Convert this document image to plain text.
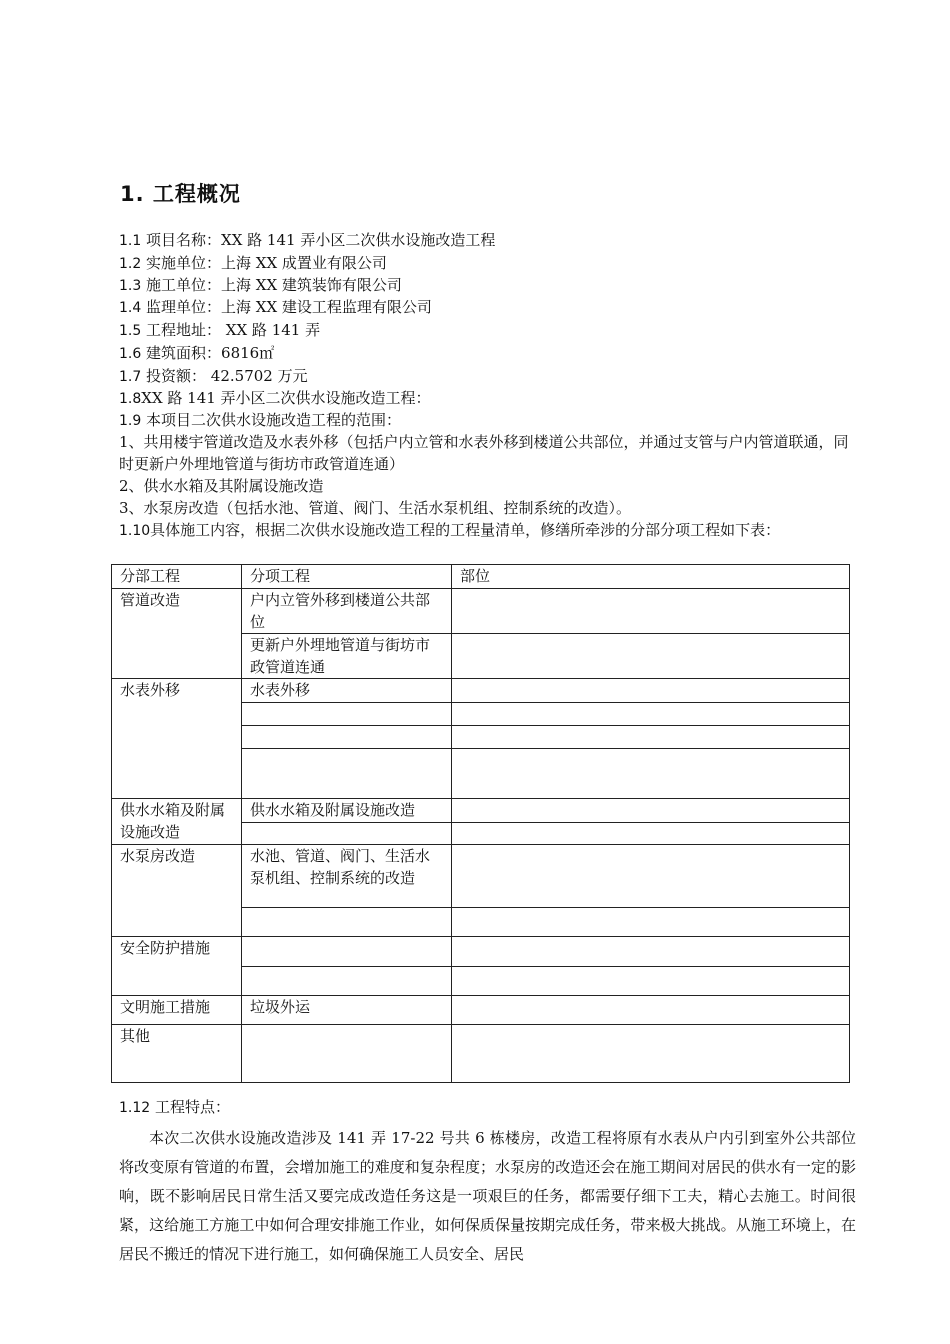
1. 工程概况
1.1 项目名称：XX 路 141 弄小区二次供水设施改造工程
1.2 实施单位：上海 XX 成置业有限公司
1.3 施工单位：上海 XX 建筑装饰有限公司
1.4 监理单位：上海 XX 建设工程监理有限公司
1.5 工程地址： XX 路 141 弄
1.6 建筑面积：6816㎡
1.7 投资额： 42.5702 万元
1.8XX 路 141 弄小区二次供水设施改造工程：
1.9 本项目二次供水设施改造工程的范围：
1、共用楼宇管道改造及水表外移（包括户内立管和水表外移到楼道公共部位，并通过支管与户内管道联通，同时更新户外埋地管道与街坊市政管道连通）
2、供水水箱及其附属设施改造
3、水泵房改造（包括水池、管道、阀门、生活水泵机组、控制系统的改造）。
1.10具体施工内容，根据二次供水设施改造工程的工程量清单，修缮所牵涉的分部分项工程如下表：
分部工程	分项工程	部位
管道改造	户内立管外移到楼道公共部位	
	更新户外埋地管道与街坊市政管道连通	
水表外移	水表外移	

供水水箱及附属设施改造	供水水箱及附属设施改造	

水泵房改造	水池、管道、阀门、生活水泵机组、控制系统的改造	

安全防护措施		

文明施工措施	垃圾外运	
其他		
1.12 工程特点：
本次二次供水设施改造涉及 141 弄 17-22 号共 6 栋楼房，改造工程将原有水表从户内引到室外公共部位将改变原有管道的布置，会增加施工的难度和复杂程度；水泵房的改造还会在施工期间对居民的供水有一定的影响，既不影响居民日常生活又要完成改造任务这是一项艰巨的任务，都需要仔细下工夫，精心去施工。时间很紧，这给施工方施工中如何合理安排施工作业，如何保质保量按期完成任务，带来极大挑战。从施工环境上，在居民不搬迁的情况下进行施工，如何确保施工人员安全、居民
